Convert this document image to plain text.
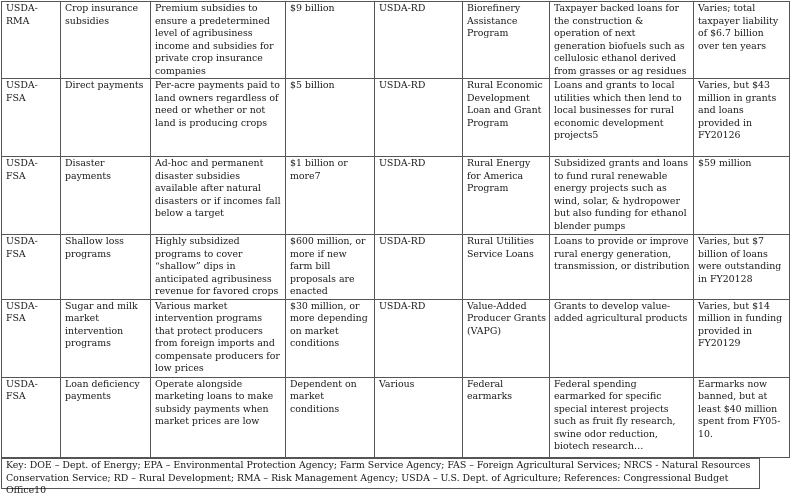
USDA-RMA	Crop insurance subsidies	Premium subsidies to ensure a predetermined level of agribusiness income and subsidies for private crop insurance companies	$9 billion	USDA-RD	Biorefinery Assistance Program	Taxpayer backed loans for the construction & operation of next generation biofuels such as cellulosic ethanol derived from grasses or ag residues	Varies; total taxpayer liability of $6.7 billion over ten years

USDA-FSA	Direct payments	Per-acre payments paid to land owners regardless of need or whether or not land is producing crops	$5 billion	USDA-RD	Rural Economic Development Loan and Grant Program	Loans and grants to local utilities which then lend to local businesses for rural economic development projects5	Varies, but $43 million in grants and loans provided in FY20126

USDA-FSA	Disaster payments	Ad-hoc and permanent disaster subsidies available after natural disasters or if incomes fall below a target	$1 billion or more7	USDA-RD	Rural Energy for America Program	Subsidized grants and loans to fund rural renewable energy projects such as wind, solar, & hydropower but also funding for ethanol blender pumps	$59 million

USDA-FSA	Shallow loss programs	Highly subsidized programs to cover “shallow” dips in anticipated agribusiness revenue for favored crops	$600 million, or more if new farm bill proposals are enacted	USDA-RD	Rural Utilities Service Loans	Loans to provide or improve rural energy generation, transmission, or distribution	Varies, but $7 billion of loans were outstanding in FY20128

USDA-FSA	Sugar and milk market intervention programs	Various market intervention programs that protect producers from foreign imports and compensate producers for low prices	$30 million, or more depending on market conditions	USDA-RD	Value-Added Producer Grants (VAPG)	Grants to develop value-added agricultural products	Varies, but $14 million in funding provided in FY20129

USDA-FSA	Loan deficiency payments	Operate alongside marketing loans to make subsidy payments when market prices are low	Dependent on market conditions	Various	Federal earmarks	Federal spending earmarked for specific special interest projects such as fruit fly research, swine odor reduction, biotech research…	Earmarks now banned, but at least $40 million spent from FY05-10.
Key: DOE – Dept. of Energy; EPA – Environmental Protection Agency; Farm Service Agency; FAS – Foreign Agricultural Services; NRCS - Natural Resources Conservation Service; RD – Rural Development; RMA – Risk Management Agency; USDA – U.S. Dept. of Agriculture; References: Congressional Budget Office10
